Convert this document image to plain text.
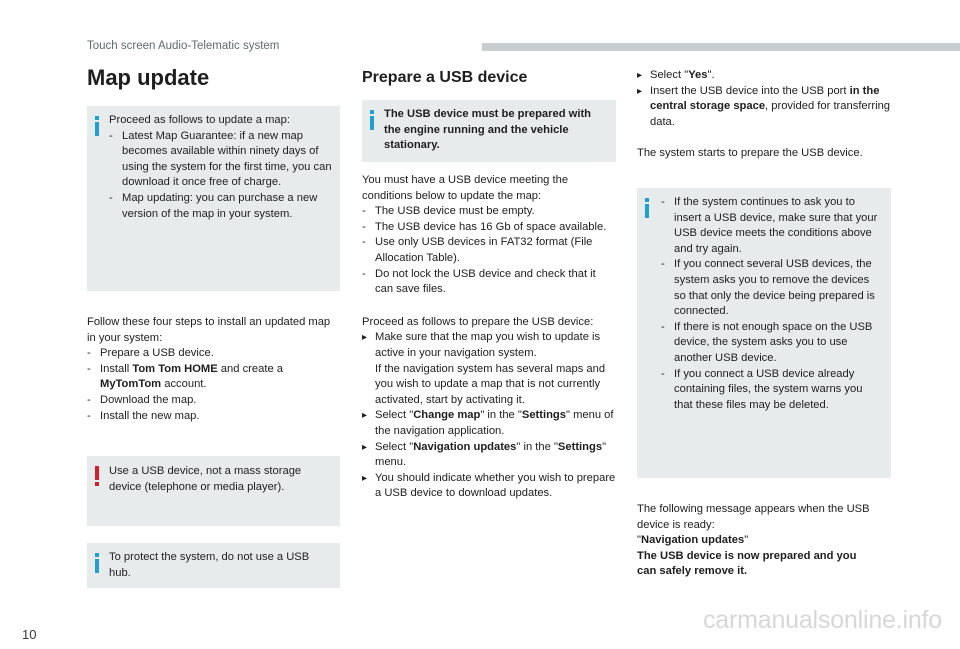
Touch screen Audio-Telematic system
Map update

Proceed as follows to update a map:

- Latest Map Guarantee: if a new map becomes available within ninety days of using the system for the first time, you can download it once free of charge.
- Map updating: you can purchase a new version of the map in your system.

Follow these four steps to install an updated map in your system:

- Prepare a USB device.
- Install Tom Tom HOME and create a MyTomTom account.
- Download the map.
- Install the new map.

Use a USB device, not a mass storage device (telephone or media player).

To protect the system, do not use a USB hub.

Prepare a USB device

The USB device must be prepared with the engine running and the vehicle stationary.

You must have a USB device meeting the conditions below to update the map:

- The USB device must be empty.
- The USB device has 16 Gb of space available.
- Use only USB devices in FAT32 format (File Allocation Table).
- Do not lock the USB device and check that it can save files.

Proceed as follows to prepare the USB device:

▸ Make sure that the map you wish to update is active in your navigation system.
If the navigation system has several maps and you wish to update a map that is not currently activated, start by activating it.
▸ Select "Change map" in the "Settings" menu of the navigation application.
▸ Select "Navigation updates" in the "Settings" menu.
▸ You should indicate whether you wish to prepare a USB device to download updates.
▸ Select "Yes".
▸ Insert the USB device into the USB port in the central storage space, provided for transferring data.

The system starts to prepare the USB device.

- If the system continues to ask you to insert a USB device, make sure that your USB device meets the conditions above and try again.
- If you connect several USB devices, the system asks you to remove the devices so that only the device being prepared is connected.
- If there is not enough space on the USB device, the system asks you to use another USB device.
- If you connect a USB device already containing files, the system warns you that these files may be deleted.

The following message appears when the USB device is ready:

"Navigation updates"

The USB device is now prepared and you can safely remove it.

10
carmanualsonline.info
